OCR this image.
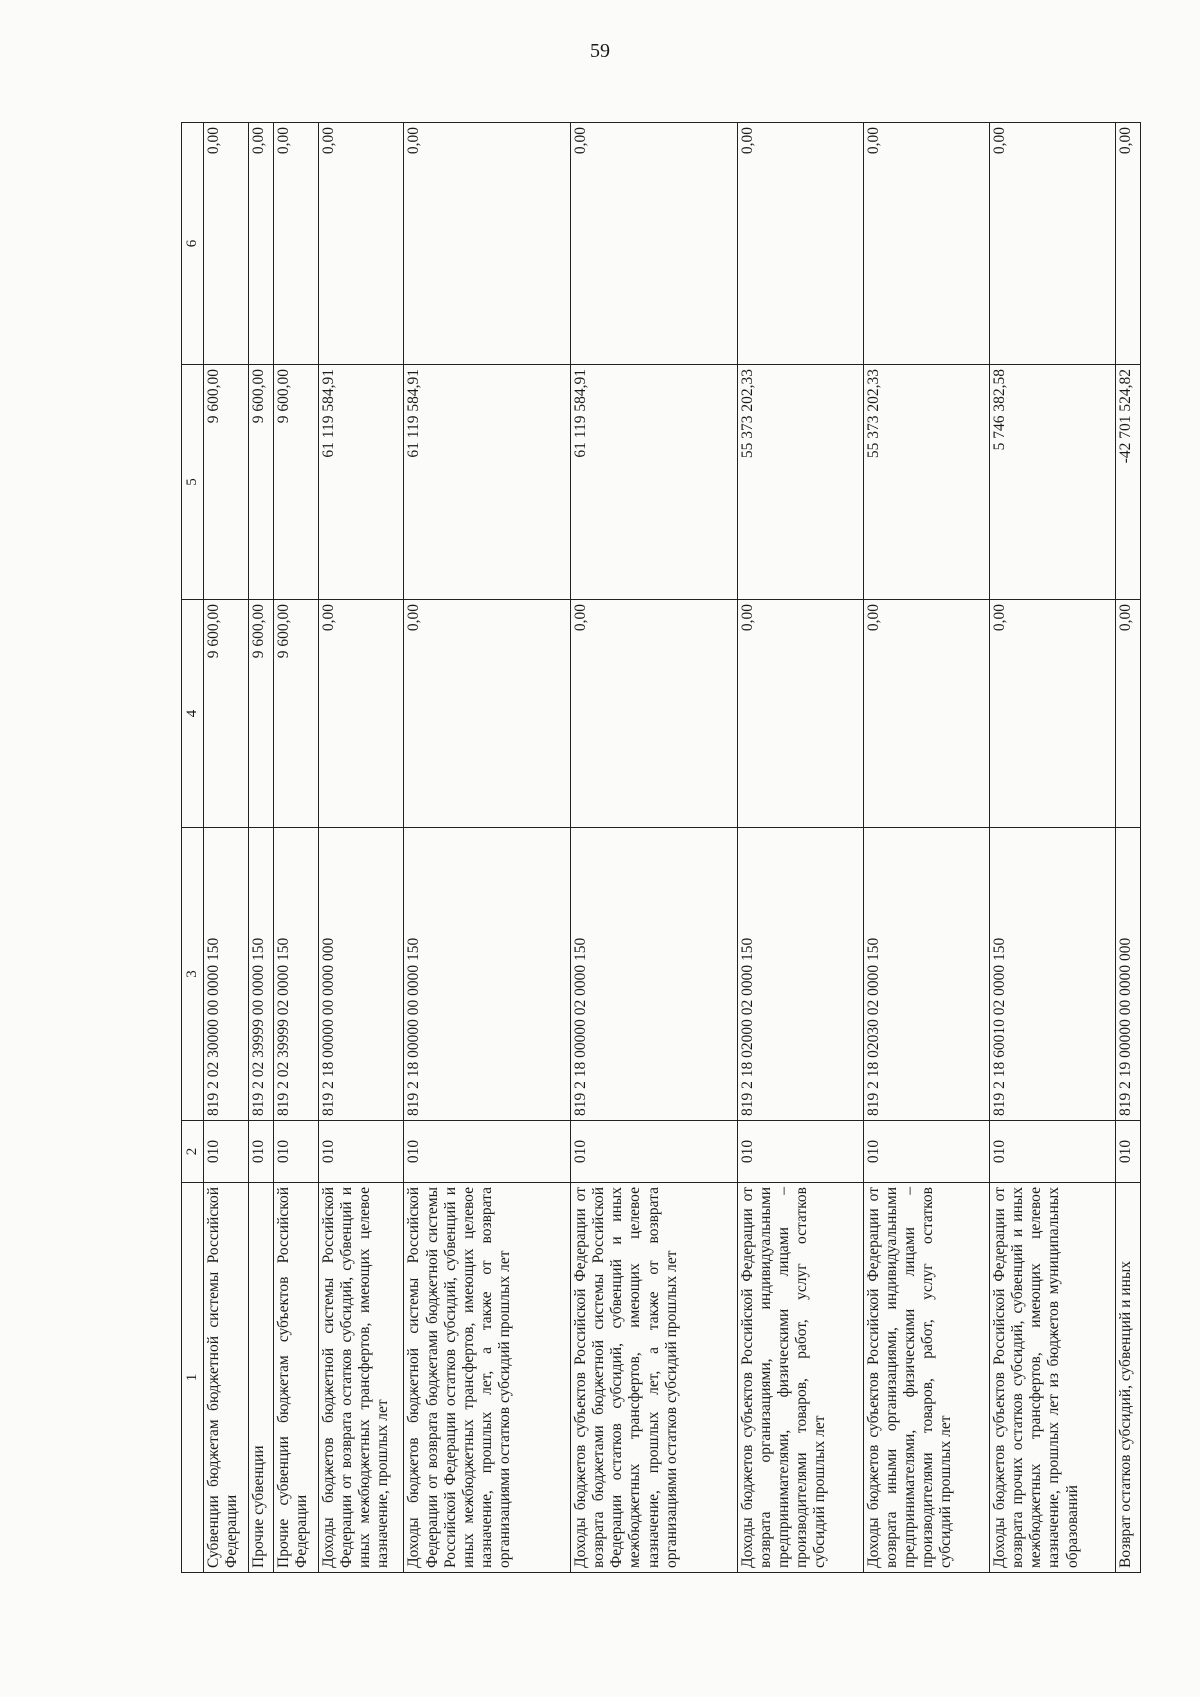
59
1	2	3	4	5	6
Субвенции бюджетам бюджетной системы Российской Федерации	010	819 2 02 30000 00 0000 150	9 600,00	9 600,00	0,00
Прочие субвенции	010	819 2 02 39999 00 0000 150	9 600,00	9 600,00	0,00
Прочие субвенции бюджетам субъектов Российской Федерации	010	819 2 02 39999 02 0000 150	9 600,00	9 600,00	0,00
Доходы бюджетов бюджетной системы Российской Федерации от возврата остатков субсидий, субвенций и иных межбюджетных трансфертов, имеющих целевое назначение, прошлых лет	010	819 2 18 00000 00 0000 000	0,00	61 119 584,91	0,00
Доходы бюджетов бюджетной системы Российской Федерации от возврата бюджетами бюджетной системы Российской Федерации остатков субсидий, субвенций и иных межбюджетных трансфертов, имеющих целевое назначение, прошлых лет, а также от возврата организациями остатков субсидий прошлых лет	010	819 2 18 00000 00 0000 150	0,00	61 119 584,91	0,00
Доходы бюджетов субъектов Российской Федерации от возврата бюджетами бюджетной системы Российской Федерации остатков субсидий, субвенций и иных межбюджетных трансфертов, имеющих целевое назначение, прошлых лет, а также от возврата организациями остатков субсидий прошлых лет	010	819 2 18 00000 02 0000 150	0,00	61 119 584,91	0,00
Доходы бюджетов субъектов Российской Федерации от возврата организациями, индивидуальными предпринимателями, физическими лицами – производителями товаров, работ, услуг остатков субсидий прошлых лет	010	819 2 18 02000 02 0000 150	0,00	55 373 202,33	0,00
Доходы бюджетов субъектов Российской Федерации от возврата иными организациями, индивидуальными предпринимателями, физическими лицами – производителями товаров, работ, услуг остатков субсидий прошлых лет	010	819 2 18 02030 02 0000 150	0,00	55 373 202,33	0,00
Доходы бюджетов субъектов Российской Федерации от возврата прочих остатков субсидий, субвенций и иных межбюджетных трансфертов, имеющих целевое назначение, прошлых лет из бюджетов муниципальных образований	010	819 2 18 60010 02 0000 150	0,00	5 746 382,58	0,00
Возврат остатков субсидий, субвенций и иных	010	819 2 19 00000 00 0000 000	0,00	-42 701 524,82	0,00
